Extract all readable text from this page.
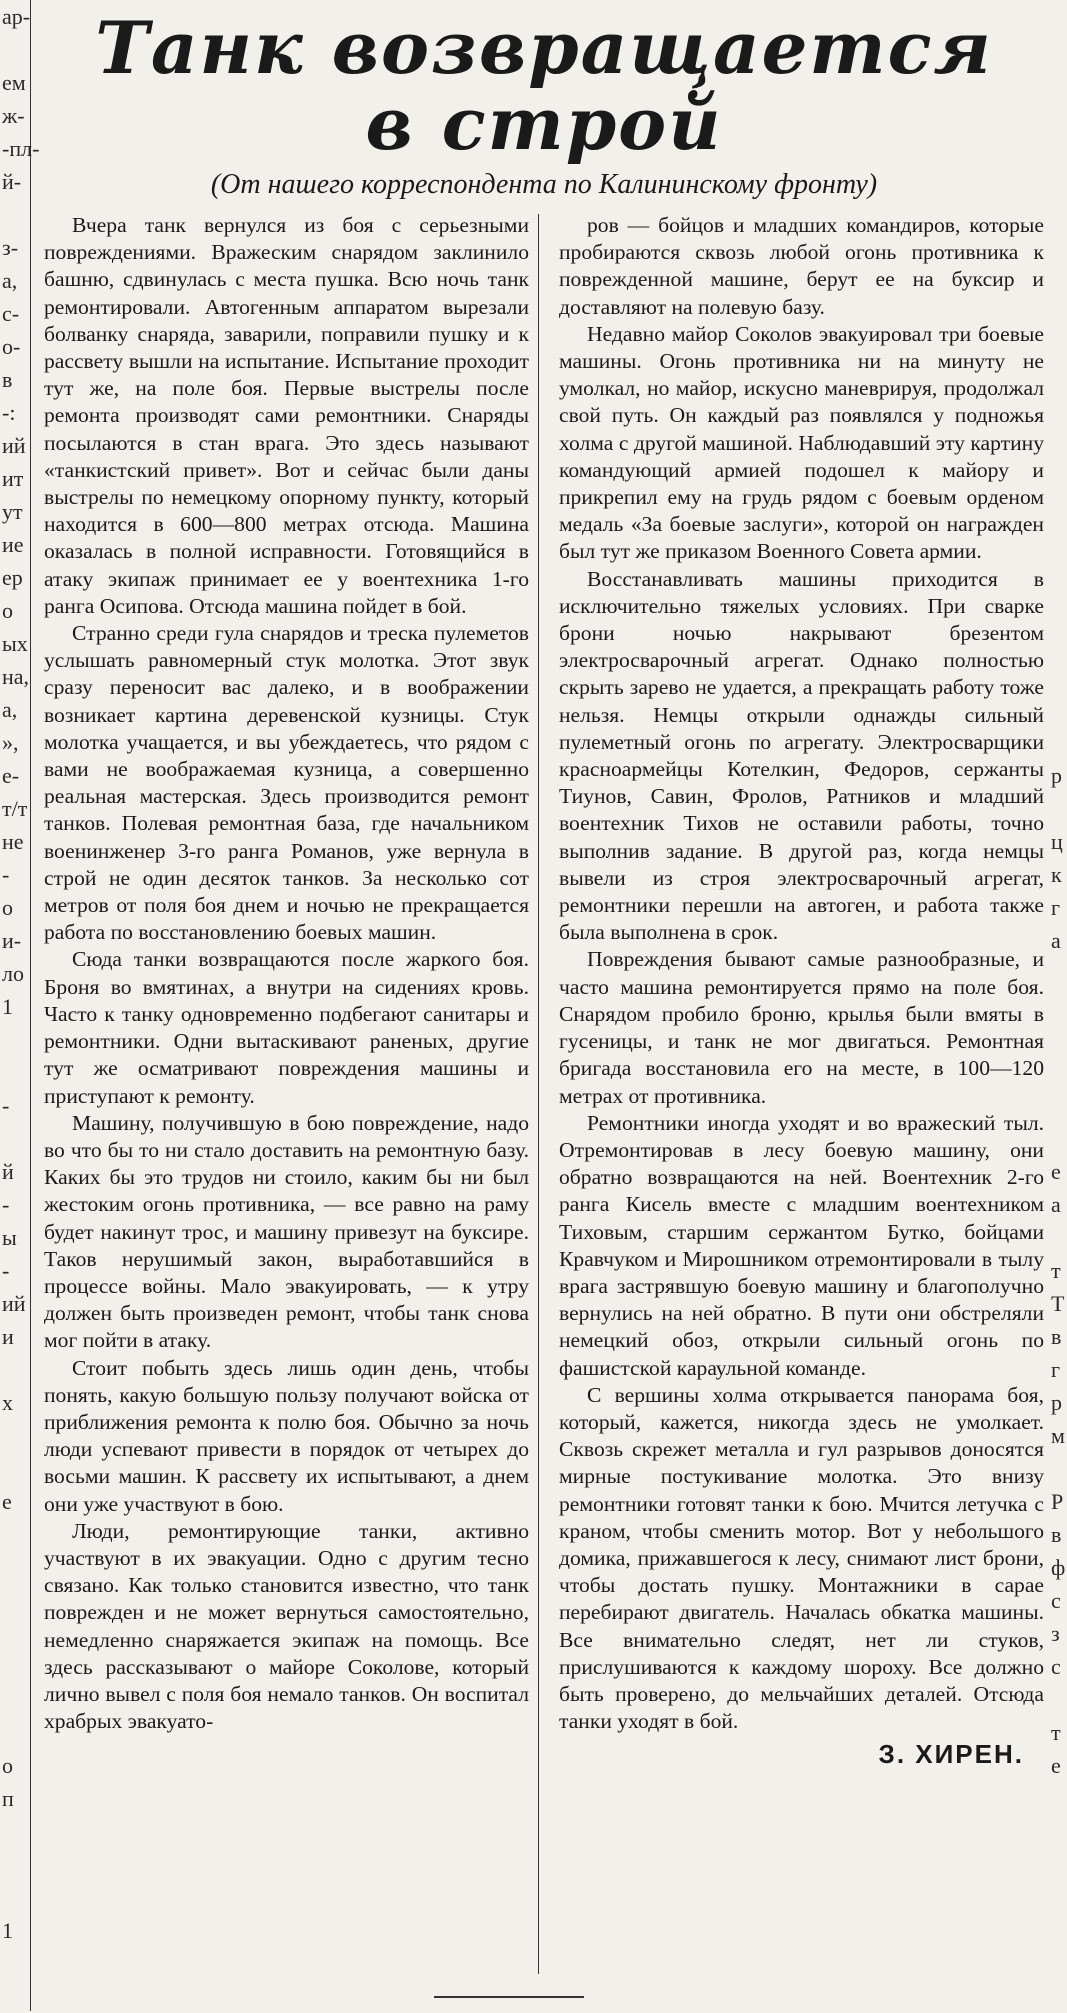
ар-

ем
ж-
-пл-
й-

з-
а,
с-
о-
в
-:
ий
ит
ут
ие
ер
о
ых
на,
а,
»,
е-
т/т
не
-
о
и-
ло
1

-

й
-
ы
-
ий
и

х

е

о
п

1

р

ц
к
г
а

е
а

т
Т
в
г
р
м

Р
в
ф
с
з
с

т
е
Танк возвращается
в строй
(От нашего корреспондента по Калининскому фронту)

Вчера танк вернулся из боя с серьезными повреждениями. Вражеским снарядом заклинило башню, сдвинулась с места пушка. Всю ночь танк ремонтировали. Автогенным аппаратом вырезали болванку снаряда, заварили, поправили пушку и к рассвету вышли на испытание. Испытание проходит тут же, на поле боя. Первые выстрелы после ремонта производят сами ремонтники. Снаряды посылаются в стан врага. Это здесь называют «танкистский привет». Вот и сейчас были даны выстрелы по немецкому опорному пункту, который находится в 600—800 метрах отсюда. Машина оказалась в полной исправности. Готовящийся в атаку экипаж принимает ее у воентехника 1-го ранга Осипова. Отсюда машина пойдет в бой.

Странно среди гула снарядов и треска пулеметов услышать равномерный стук молотка. Этот звук сразу переносит вас далеко, и в воображении возникает картина деревенской кузницы. Стук молотка учащается, и вы убеждаетесь, что рядом с вами не воображаемая кузница, а совершенно реальная мастерская. Здесь производится ремонт танков. Полевая ремонтная база, где начальником военинженер 3-го ранга Романов, уже вернула в строй не один десяток танков. За несколько сот метров от поля боя днем и ночью не прекращается работа по восстановлению боевых машин.

Сюда танки возвращаются после жаркого боя. Броня во вмятинах, а внутри на сидениях кровь. Часто к танку одновременно подбегают санитары и ремонтники. Одни вытаскивают раненых, другие тут же осматривают повреждения машины и приступают к ремонту.

Машину, получившую в бою повреждение, надо во что бы то ни стало доставить на ремонтную базу. Каких бы это трудов ни стоило, каким бы ни был жестоким огонь противника, — все равно на раму будет накинут трос, и машину привезут на буксире. Таков нерушимый закон, выработавшийся в процессе войны. Мало эвакуировать, — к утру должен быть произведен ремонт, чтобы танк снова мог пойти в атаку.

Стоит побыть здесь лишь один день, чтобы понять, какую большую пользу получают войска от приближения ремонта к полю боя. Обычно за ночь люди успевают привести в порядок от четырех до восьми машин. К рассвету их испытывают, а днем они уже участвуют в бою.

Люди, ремонтирующие танки, активно участвуют в их эвакуации. Одно с другим тесно связано. Как только становится известно, что танк поврежден и не может вернуться самостоятельно, немедленно снаряжается экипаж на помощь. Все здесь рассказывают о майоре Соколове, который лично вывел с поля боя немало танков. Он воспитал храбрых эвакуато-

ров — бойцов и младших командиров, которые пробираются сквозь любой огонь противника к поврежденной машине, берут ее на буксир и доставляют на полевую базу.

Недавно майор Соколов эвакуировал три боевые машины. Огонь противника ни на минуту не умолкал, но майор, искусно маневрируя, продолжал свой путь. Он каждый раз появлялся у подножья холма с другой машиной. Наблюдавший эту картину командующий армией подошел к майору и прикрепил ему на грудь рядом с боевым орденом медаль «За боевые заслуги», которой он награжден был тут же приказом Военного Совета армии.

Восстанавливать машины приходится в исключительно тяжелых условиях. При сварке брони ночью накрывают брезентом электросварочный агрегат. Однако полностью скрыть зарево не удается, а прекращать работу тоже нельзя. Немцы открыли однажды сильный пулеметный огонь по агрегату. Электросварщики красноармейцы Котелкин, Федоров, сержанты Тиунов, Савин, Фролов, Ратников и младший воентехник Тихов не оставили работы, точно выполнив задание. В другой раз, когда немцы вывели из строя электросварочный агрегат, ремонтники перешли на автоген, и работа также была выполнена в срок.

Повреждения бывают самые разнообразные, и часто машина ремонтируется прямо на поле боя. Снарядом пробило броню, крылья были вмяты в гусеницы, и танк не мог двигаться. Ремонтная бригада восстановила его на месте, в 100—120 метрах от противника.

Ремонтники иногда уходят и во вражеский тыл. Отремонтировав в лесу боевую машину, они обратно возвращаются на ней. Воентехник 2-го ранга Кисель вместе с младшим воентехником Тиховым, старшим сержантом Бутко, бойцами Кравчуком и Мирошником отремонтировали в тылу врага застрявшую боевую машину и благополучно вернулись на ней обратно. В пути они обстреляли немецкий обоз, открыли сильный огонь по фашистской караульной команде.

С вершины холма открывается панорама боя, который, кажется, никогда здесь не умолкает. Сквозь скрежет металла и гул разрывов доносятся мирные постукивание молотка. Это внизу ремонтники готовят танки к бою. Мчится летучка с краном, чтобы сменить мотор. Вот у небольшого домика, прижавшегося к лесу, снимают лист брони, чтобы достать пушку. Монтажники в сарае перебирают двигатель. Началась обкатка машины. Все внимательно следят, нет ли стуков, прислушиваются к каждому шороху. Все должно быть проверено, до мельчайших деталей. Отсюда танки уходят в бой.

З. ХИРЕН.
